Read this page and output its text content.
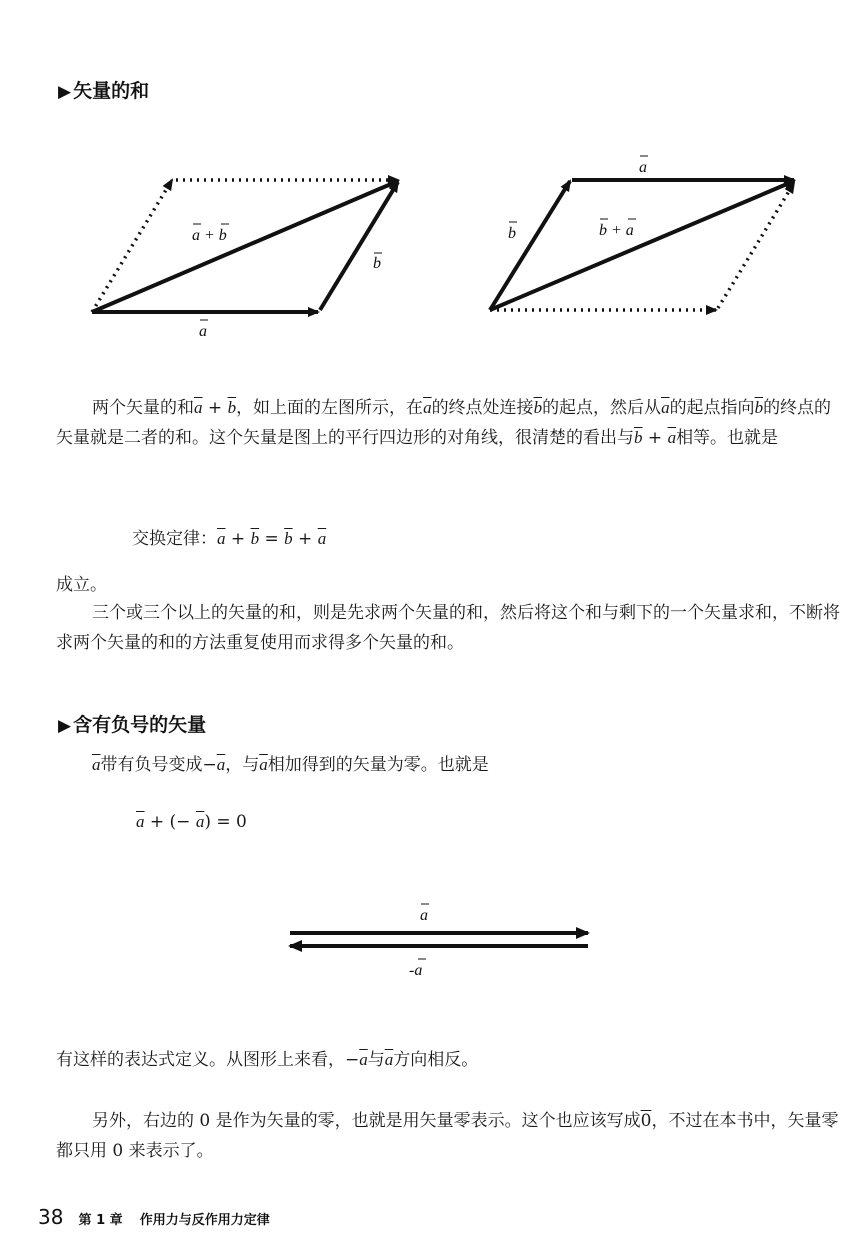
▶ 矢量的和
a + b
b
a
a
b	b + a

两个矢量的和$\overline{a} + \overline{b}$，如上面的左图所示，在$\overline{a}$的终点处连接$\overline{b}$的起点，然后从$\overline{a}$的起点指向$\overline{b}$的终点的矢量就是二者的和。这个矢量是图上的平行四边形的对角线，很清楚的看出与$\overline{b} + \overline{a}$相等。也就是

交换定律：$\overline{a} + \overline{b} = \overline{b} + \overline{a}$
成立。

三个或三个以上的矢量的和，则是先求两个矢量的和，然后将这个和与剩下的一个矢量求和，不断将求两个矢量的和的方法重复使用而求得多个矢量的和。

▶ 含有负号的矢量
$\overline{a}$带有负号变成$-\overline{a}$，与$\overline{a}$相加得到的矢量为零。也就是
$\overline{a}$ + (− $\overline{a}) = 0$
a
-a
有这样的表达式定义。从图形上来看，$-\overline{a}$与$\overline{a}$方向相反。

另外，右边的 0 是作为矢量的零，也就是用矢量零表示。这个也应该写成0，不过在本书中，矢量零都只用 0 来表示了。

38 第 1 章 作用力与反作用力定律
